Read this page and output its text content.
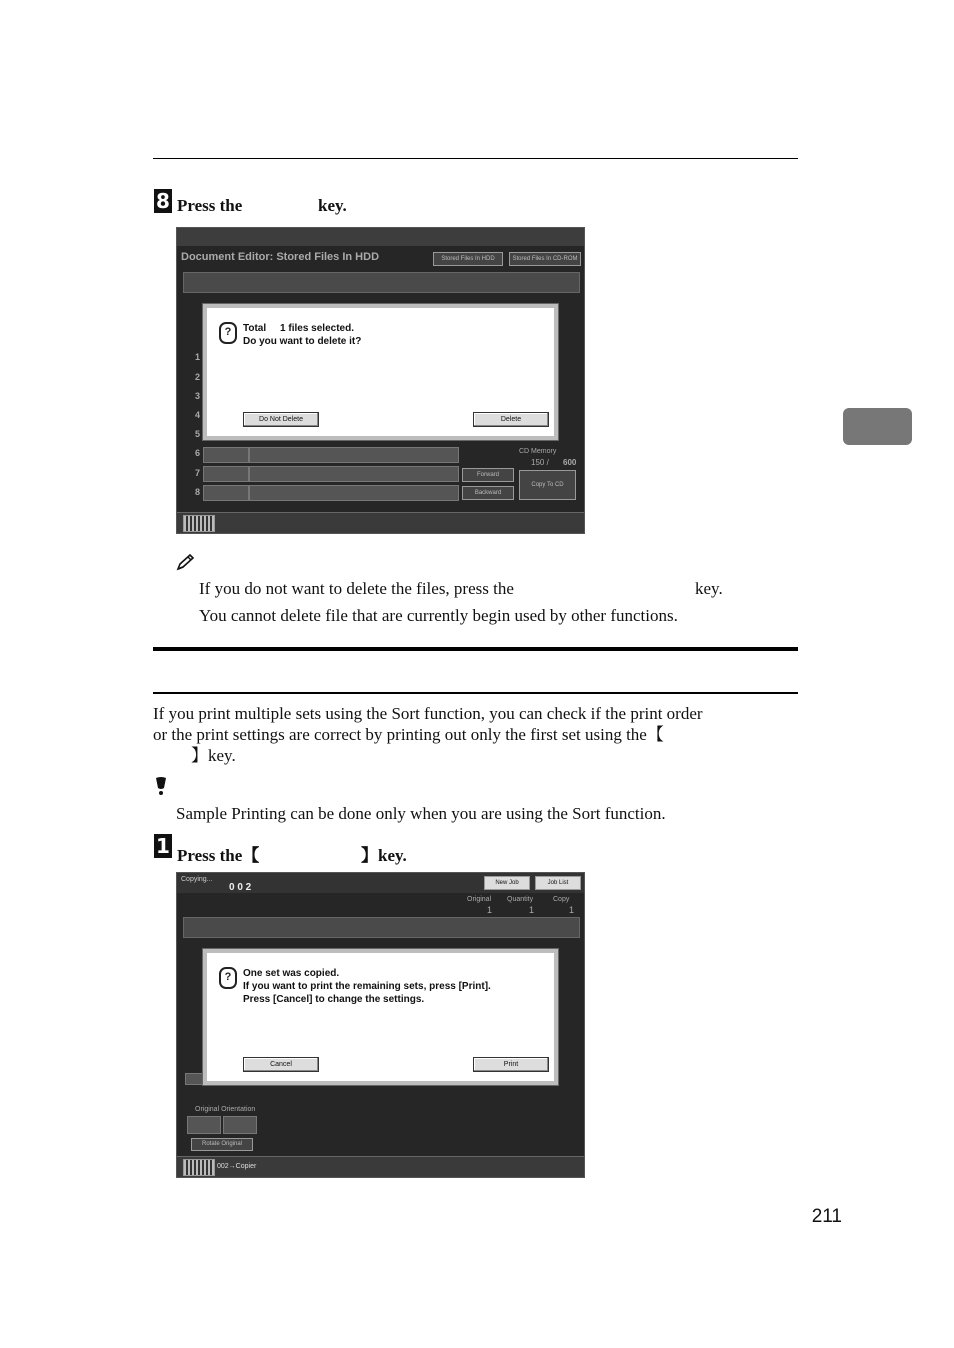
8 Press the	key.
Document Editor: Stored Files In HDD	Stored Files In HDD	Stored Files In CD-ROM
1
2
3
4
5
6
7
8
CD Memory
150 / 600
Forward
Backward
Copy To CD
?	Total     1 files selected.
Do you want to delete it?
Do Not Delete	Delete
If you do not want to delete the files, press the	key.
You cannot delete file that are currently begin used by other functions.
If you print multiple sets using the Sort function, you can check if the print order
or the print settings are correct by printing out only the first set using the【
】key.
Sample Printing can be done only when you are using the Sort function.
1 Press the【	】key.
Copying...
0 0 2	New Job	Job List
Original
1
Quantity
1
Copy
1
Original Orientation
Rotate Original
002→Copier
?	One set was copied.
If you want to print the remaining sets, press [Print].
Press [Cancel] to change the settings.
Cancel	Print
211
